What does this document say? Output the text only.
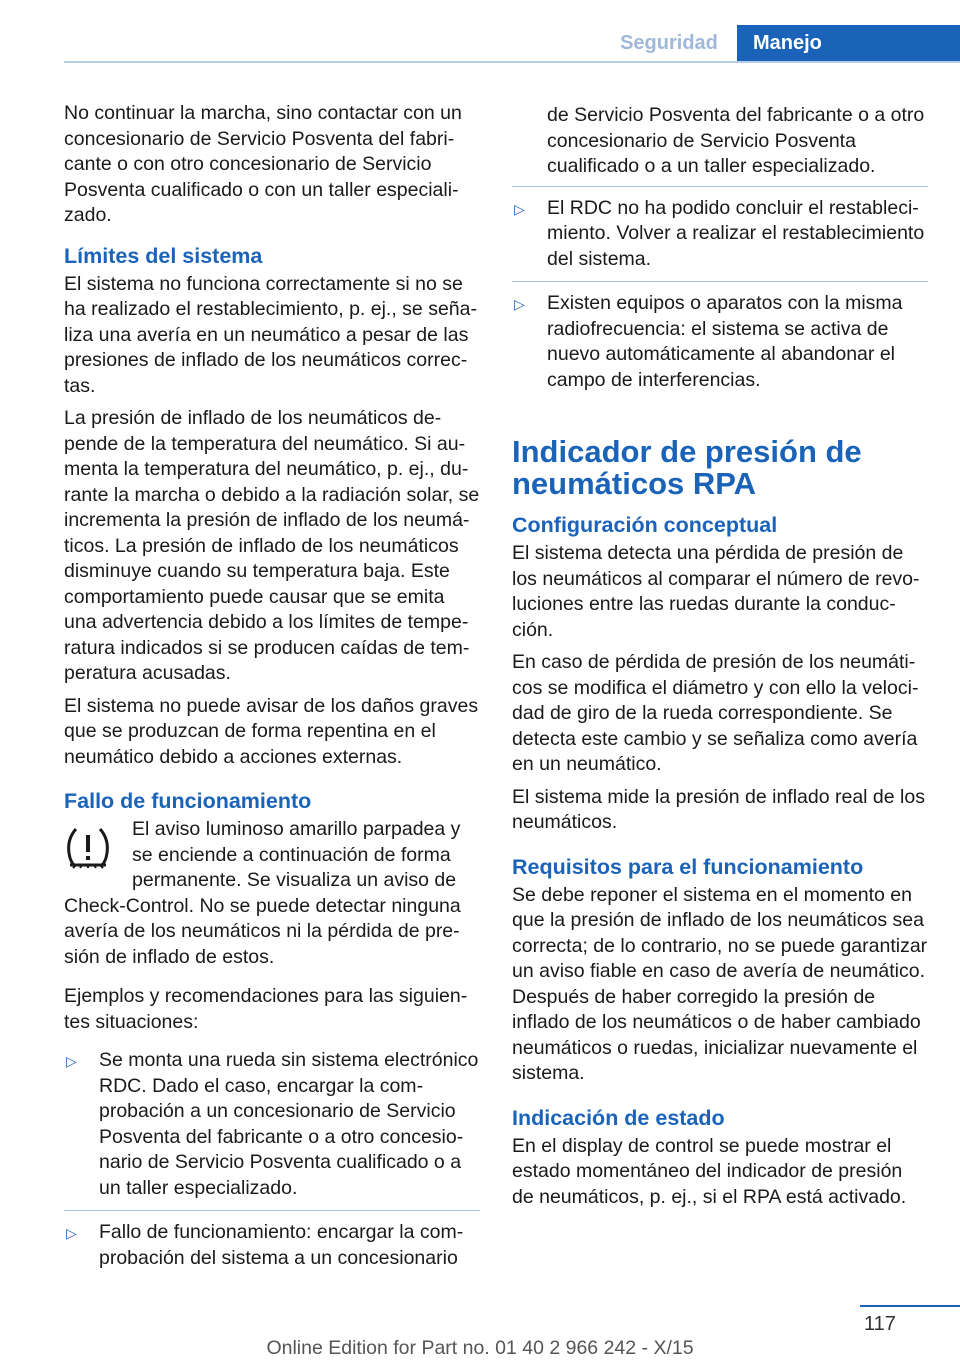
Seguridad	Manejo

No continuar la marcha, sino contactar con un concesionario de Servicio Posventa del fabricante o con otro concesionario de Servicio Posventa cualificado o con un taller especializado.

Límites del sistema

El sistema no funciona correctamente si no se ha realizado el restablecimiento, p. ej., se señaliza una avería en un neumático a pesar de las presiones de inflado de los neumáticos correctas.

La presión de inflado de los neumáticos depende de la temperatura del neumático. Si aumenta la temperatura del neumático, p. ej., durante la marcha o debido a la radiación solar, se incrementa la presión de inflado de los neumáticos. La presión de inflado de los neumáticos disminuye cuando su temperatura baja. Este comportamiento puede causar que se emita una advertencia debido a los límites de temperatura indicados si se producen caídas de temperatura acusadas.

El sistema no puede avisar de los daños graves que se produzcan de forma repentina en el neumático debido a acciones externas.

Fallo de funcionamiento

El aviso luminoso amarillo parpadea y se enciende a continuación de forma permanente. Se visualiza un aviso de Check-Control. No se puede detectar ninguna avería de los neumáticos ni la pérdida de presión de inflado de estos.

Ejemplos y recomendaciones para las siguientes situaciones:

▷ Se monta una rueda sin sistema electrónico RDC. Dado el caso, encargar la comprobación a un concesionario de Servicio Posventa del fabricante o a otro concesionario de Servicio Posventa cualificado o a un taller especializado.
▷ Fallo de funcionamiento: encargar la comprobación del sistema a un concesionario

de Servicio Posventa del fabricante o a otro concesionario de Servicio Posventa cualificado o a un taller especializado.

▷ El RDC no ha podido concluir el restablecimiento. Volver a realizar el restablecimiento del sistema.
▷ Existen equipos o aparatos con la misma radiofrecuencia: el sistema se activa de nuevo automáticamente al abandonar el campo de interferencias.
Indicador de presión de neumáticos RPA
Configuración conceptual

El sistema detecta una pérdida de presión de los neumáticos al comparar el número de revoluciones entre las ruedas durante la conducción.

En caso de pérdida de presión de los neumáticos se modifica el diámetro y con ello la velocidad de giro de la rueda correspondiente. Se detecta este cambio y se señaliza como avería en un neumático.

El sistema mide la presión de inflado real de los neumáticos.

Requisitos para el funcionamiento

Se debe reponer el sistema en el momento en que la presión de inflado de los neumáticos sea correcta; de lo contrario, no se puede garantizar un aviso fiable en caso de avería de neumático. Después de haber corregido la presión de inflado de los neumáticos o de haber cambiado neumáticos o ruedas, inicializar nuevamente el sistema.

Indicación de estado

En el display de control se puede mostrar el estado momentáneo del indicador de presión de neumáticos, p. ej., si el RPA está activado.

117
Online Edition for Part no. 01 40 2 966 242 - X/15
